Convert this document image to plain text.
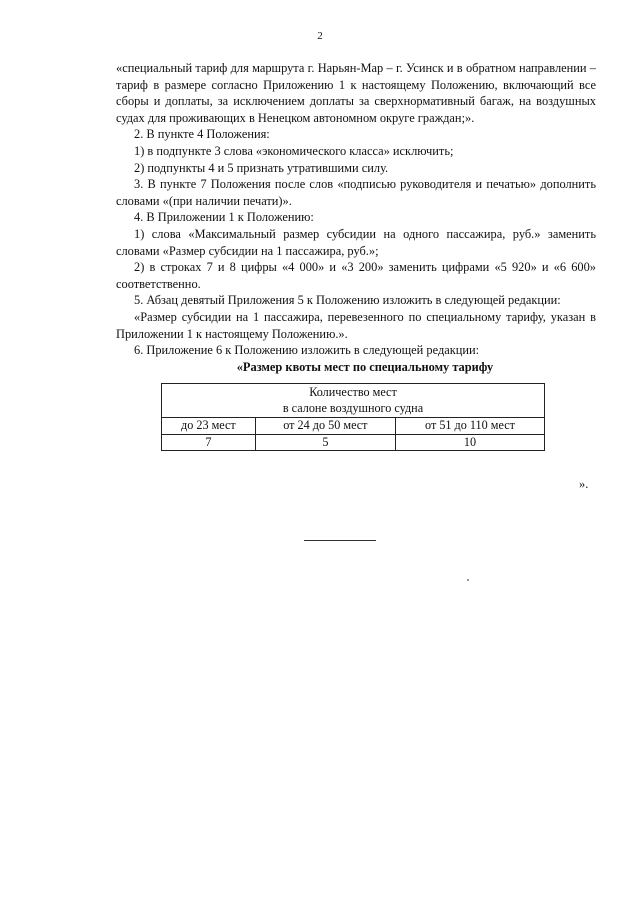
2

«специальный тариф для маршрута г. Нарьян-Мар – г. Усинск и в обратном направлении – тариф в размере согласно Приложению 1 к настоящему Положению, включающий все сборы и доплаты, за исключением доплаты за сверхнормативный багаж, на воздушных судах для проживающих в Ненецком автономном округе граждан;».

2. В пункте 4 Положения:

1) в подпункте 3 слова «экономического класса» исключить;

2) подпункты 4 и 5 признать утратившими силу.

3. В пункте 7 Положения после слов «подписью руководителя и печатью» дополнить словами «(при наличии печати)».

4. В Приложении 1 к Положению:

1) слова «Максимальный размер субсидии на одного пассажира, руб.» заменить словами «Размер субсидии на 1 пассажира, руб.»;

2) в строках 7 и 8 цифры «4 000» и «3 200» заменить цифрами «5 920» и «6 600» соответственно.

5. Абзац девятый Приложения 5 к Положению изложить в следующей редакции:

«Размер субсидии на 1 пассажира, перевезенного по специальному тарифу, указан в Приложении 1 к настоящему Положению.».

6. Приложение 6 к Положению изложить в следующей редакции:

«Размер квоты мест по специальному тарифу

Количество мест
в салоне воздушного судна		

до 23 мест	от 24 до 50 мест	от 51 до 110 мест
7	5	10
».
